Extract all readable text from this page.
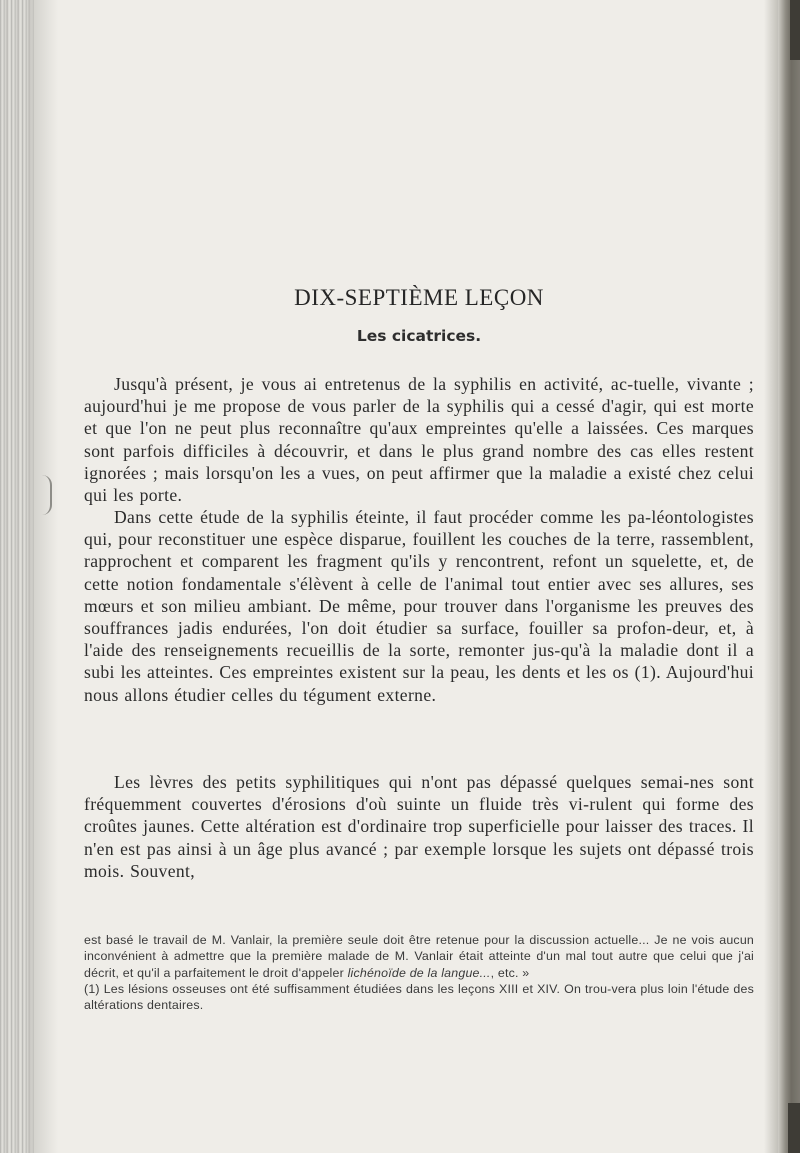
DIX-SEPTIÈME LEÇON
Les cicatrices.

Jusqu'à présent, je vous ai entretenus de la syphilis en activité, ac-tuelle, vivante ; aujourd'hui je me propose de vous parler de la syphilis qui a cessé d'agir, qui est morte et que l'on ne peut plus reconnaître qu'aux empreintes qu'elle a laissées. Ces marques sont parfois difficiles à découvrir, et dans le plus grand nombre des cas elles restent ignorées ; mais lorsqu'on les a vues, on peut affirmer que la maladie a existé chez celui qui les porte.

Dans cette étude de la syphilis éteinte, il faut procéder comme les pa-léontologistes qui, pour reconstituer une espèce disparue, fouillent les couches de la terre, rassemblent, rapprochent et comparent les fragment qu'ils y rencontrent, refont un squelette, et, de cette notion fondamentale s'élèvent à celle de l'animal tout entier avec ses allures, ses mœurs et son milieu ambiant. De même, pour trouver dans l'organisme les preuves des souffrances jadis endurées, l'on doit étudier sa surface, fouiller sa profon-deur, et, à l'aide des renseignements recueillis de la sorte, remonter jus-qu'à la maladie dont il a subi les atteintes. Ces empreintes existent sur la peau, les dents et les os (1). Aujourd'hui nous allons étudier celles du tégument externe.

Les lèvres des petits syphilitiques qui n'ont pas dépassé quelques semai-nes sont fréquemment couvertes d'érosions d'où suinte un fluide très vi-rulent qui forme des croûtes jaunes. Cette altération est d'ordinaire trop superficielle pour laisser des traces. Il n'en est pas ainsi à un âge plus avancé ; par exemple lorsque les sujets ont dépassé trois mois. Souvent,

est basé le travail de M. Vanlair, la première seule doit être retenue pour la discussion actuelle... Je ne vois aucun inconvénient à admettre que la première malade de M. Vanlair était atteinte d'un mal tout autre que celui que j'ai décrit, et qu'il a parfaitement le droit d'appeler lichénoïde de la langue..., etc. »

(1) Les lésions osseuses ont été suffisamment étudiées dans les leçons XIII et XIV. On trou-vera plus loin l'étude des altérations dentaires.
